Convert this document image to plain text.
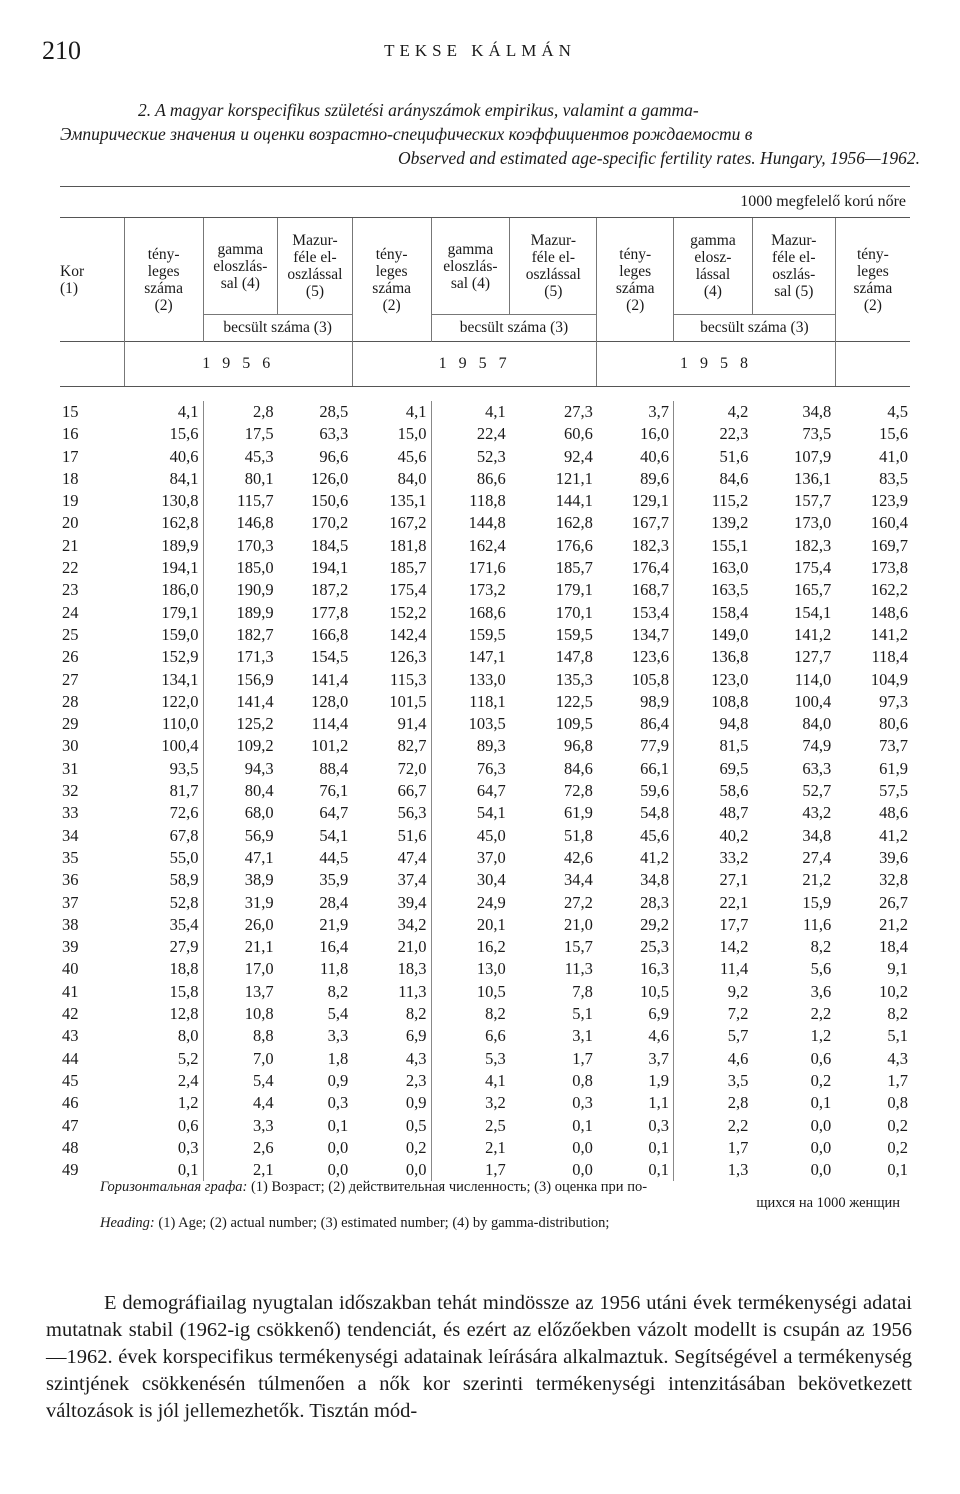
210	TEKSE KÁLMÁN
2. A magyar korspecifikus születési arányszámok empirikus, valamint a gamma-
Эмпирические значения и оценки возрастно-специфических коэффициентов рождаемости в
Observed and estimated age-specific fertility rates. Hungary, 1956—1962.
	1000 megfelelő korú nőre									
Kor
(1)	tény-
leges
száma
(2)	gamma
eloszlás-
sal (4)	Mazur-
féle el-
oszlással
(5)	tény-
leges
száma
(2)	gamma
eloszlás-
sal (4)	Mazur-
féle el-
oszlással
(5)	tény-
leges
száma
(2)	gamma
elosz-
lással
(4)	Mazur-
féle el-
oszlás-
sal (5)	tény-
leges
száma
(2)
		becsült száma (3)			becsült száma (3)			becsült száma (3)		
	1 9 5 6			1 9 5 7			1 9 5 8			

15	4,1	2,8	28,5	4,1	4,1	27,3	3,7	4,2	34,8	4,5
16	15,6	17,5	63,3	15,0	22,4	60,6	16,0	22,3	73,5	15,6
17	40,6	45,3	96,6	45,6	52,3	92,4	40,6	51,6	107,9	41,0
18	84,1	80,1	126,0	84,0	86,6	121,1	89,6	84,6	136,1	83,5
19	130,8	115,7	150,6	135,1	118,8	144,1	129,1	115,2	157,7	123,9
20	162,8	146,8	170,2	167,2	144,8	162,8	167,7	139,2	173,0	160,4
21	189,9	170,3	184,5	181,8	162,4	176,6	182,3	155,1	182,3	169,7
22	194,1	185,0	194,1	185,7	171,6	185,7	176,4	163,0	175,4	173,8
23	186,0	190,9	187,2	175,4	173,2	179,1	168,7	163,5	165,7	162,2
24	179,1	189,9	177,8	152,2	168,6	170,1	153,4	158,4	154,1	148,6
25	159,0	182,7	166,8	142,4	159,5	159,5	134,7	149,0	141,2	141,2
26	152,9	171,3	154,5	126,3	147,1	147,8	123,6	136,8	127,7	118,4
27	134,1	156,9	141,4	115,3	133,0	135,3	105,8	123,0	114,0	104,9
28	122,0	141,4	128,0	101,5	118,1	122,5	98,9	108,8	100,4	97,3
29	110,0	125,2	114,4	91,4	103,5	109,5	86,4	94,8	84,0	80,6
30	100,4	109,2	101,2	82,7	89,3	96,8	77,9	81,5	74,9	73,7
31	93,5	94,3	88,4	72,0	76,3	84,6	66,1	69,5	63,3	61,9
32	81,7	80,4	76,1	66,7	64,7	72,8	59,6	58,6	52,7	57,5
33	72,6	68,0	64,7	56,3	54,1	61,9	54,8	48,7	43,2	48,6
34	67,8	56,9	54,1	51,6	45,0	51,8	45,6	40,2	34,8	41,2
35	55,0	47,1	44,5	47,4	37,0	42,6	41,2	33,2	27,4	39,6
36	58,9	38,9	35,9	37,4	30,4	34,4	34,8	27,1	21,2	32,8
37	52,8	31,9	28,4	39,4	24,9	27,2	28,3	22,1	15,9	26,7
38	35,4	26,0	21,9	34,2	20,1	21,0	29,2	17,7	11,6	21,2
39	27,9	21,1	16,4	21,0	16,2	15,7	25,3	14,2	8,2	18,4
40	18,8	17,0	11,8	18,3	13,0	11,3	16,3	11,4	5,6	9,1
41	15,8	13,7	8,2	11,3	10,5	7,8	10,5	9,2	3,6	10,2
42	12,8	10,8	5,4	8,2	8,2	5,1	6,9	7,2	2,2	8,2
43	8,0	8,8	3,3	6,9	6,6	3,1	4,6	5,7	1,2	5,1
44	5,2	7,0	1,8	4,3	5,3	1,7	3,7	4,6	0,6	4,3
45	2,4	5,4	0,9	2,3	4,1	0,8	1,9	3,5	0,2	1,7
46	1,2	4,4	0,3	0,9	3,2	0,3	1,1	2,8	0,1	0,8
47	0,6	3,3	0,1	0,5	2,5	0,1	0,3	2,2	0,0	0,2
48	0,3	2,6	0,0	0,2	2,1	0,0	0,1	1,7	0,0	0,2
49	0,1	2,1	0,0	0,0	1,7	0,0	0,1	1,3	0,0	0,1
Горизонтальная графа: (1) Возраст; (2) действительная численность; (3) оценка при по-
щихся на 1000 женщин
Heading: (1) Age; (2) actual number; (3) estimated number; (4) by gamma-distribution;

E demográfiailag nyugtalan időszakban tehát mindössze az 1956 utáni évek termékenységi adatai mutatnak stabil (1962-ig csökkenő) tendenciát, és ezért az előzőekben vázolt modellt is csupán az 1956—1962. évek korspecifikus termékenységi adatainak leírására alkalmaztuk. Segítségével a termékenység szintjének csökkenésén túlmenően a nők kor szerinti termékenységi intenzitásában bekövetkezett változások is jól jellemezhetők. Tisztán mód-
